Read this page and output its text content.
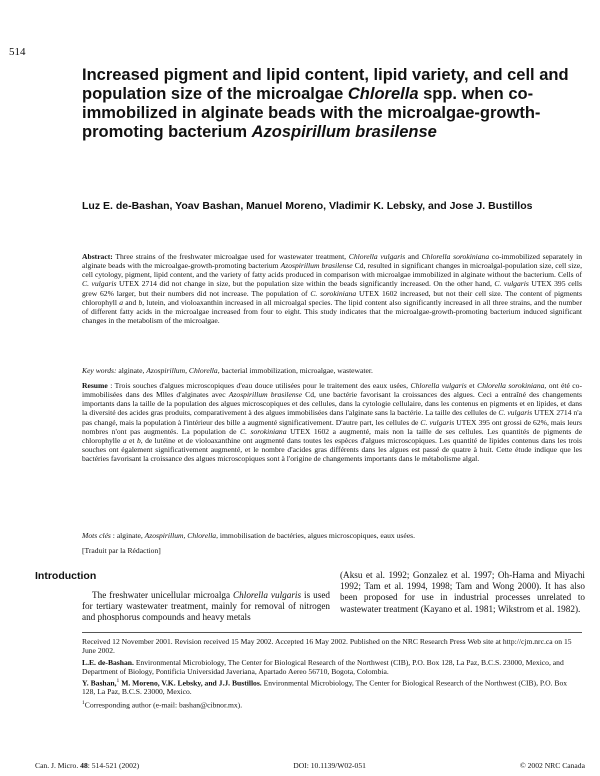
514
Increased pigment and lipid content, lipid variety, and cell and population size of the microalgae Chlorella spp. when co-immobilized in alginate beads with the microalgae-growth-promoting bacterium Azospirillum brasilense
Luz E. de-Bashan, Yoav Bashan, Manuel Moreno, Vladimir K. Lebsky, and Jose J. Bustillos

Abstract: Three strains of the freshwater microalgae used for wastewater treatment, Chlorella vulgaris and Chlorella sorokiniana co-immobilized separately in alginate beads with the microalgae-growth-promoting bacterium Azospirillum brasilense Cd, resulted in significant changes in microalgal-population size, cell size, cell cytology, pigment, lipid content, and the variety of fatty acids produced in comparison with microalgae immobilized in alginate without the bacterium. Cells of C. vulgaris UTEX 2714 did not change in size, but the population size within the beads significantly increased. On the other hand, C. vulgaris UTEX 395 cells grew 62% larger, but their numbers did not increase. The population of C. sorokiniana UTEX 1602 increased, but not their cell size. The content of pigments chlorophyll a and b, lutein, and violoaxanthin increased in all microalgal species. The lipid content also significantly increased in all three strains, and the number of different fatty acids in the microalgae increased from four to eight. This study indicates that the microalgae-growth-promoting bacterium induced significant changes in the metabolism of the microalgae.

Key words: alginate, Azospirillum, Chlorella, bacterial immobilization, microalgae, wastewater.

Resume : Trois souches d'algues microscopiques d'eau douce utilisées pour le traitement des eaux usées, Chlorella vulgaris et Chlorella sorokiniana, ont été co-immobilisées dans des Mlles d'alginates avec Azospirillum brasilense Cd, une bactérie favorisant la croissances des algues. Ceci a entraîné des changements importants dans la taille de la population des algues microscopiques et des cellules, dans la cytologie cellulaire, dans les contenus en pigments et en lipides, et dans la diversité des acides gras produits, comparativement à des algues immobilisées dans l'alginate sans la bactérie. La taille des cellules de C. vulgaris UTEX 2714 n'a pas changé, mais la population à l'intérieur des bille a augmenté significativement. D'autre part, les cellules de C. vulgaris UTEX 395 ont grossi de 62%, mais leurs nombres n'ont pas augmentés. La population de C. sorokiniana UTEX 1602 a augmenté, mais non la taille de ses cellules. Les quantités de pigments de chlorophylle a et b, de lutéine et de violoaxanthine ont augmenté dans toutes les espèces d'algues microscopiques. Les quantité de lipides contenus dans les trois souches ont également significativement augmenté, et le nombre d'acides gras différents dans les algues est passé de quatre à huit. Cette étude indique que les bactéries favorisant la croissance des algues microscopiques sont à l'origine de changements importants dans le métabolisme algal.

Mots clés : alginate, Azospirillum, Chlorella, immobilisation de bactéries, algues microscopiques, eaux usées.

[Traduit par la Rédaction]
Introduction

The freshwater unicellular microalga Chlorella vulgaris is used for tertiary wastewater treatment, mainly for removal of nitrogen and phosphorus compounds and heavy metals

(Aksu et al. 1992; Gonzalez et al. 1997; Oh-Hama and Miyachi 1992; Tam et al. 1994, 1998; Tam and Wong 2000). It has also been proposed for use in industrial processes unrelated to wastewater treatment (Kayano et al. 1981; Wikstrom et al. 1982).

Received 12 November 2001. Revision received 15 May 2002. Accepted 16 May 2002. Published on the NRC Research Press Web site at http://cjm.nrc.ca on 15 June 2002.

L.E. de-Bashan. Environmental Microbiology, The Center for Biological Research of the Northwest (CIB), P.O. Box 128, La Paz, B.C.S. 23000, Mexico, and Department of Biology, Pontificia Universidad Javeriana, Apartado Aereo 56710, Bogota, Colombia.
Y. Bashan,$^1$ M. Moreno, V.K. Lebsky, and J.J. Bustillos. Environmental Microbiology, The Center for Biological Research of the Northwest (CIB), P.O. Box 128, La Paz, B.C.S. 23000, Mexico.

$^1$Corresponding author (e-mail: bashan@cibnor.mx).

Can. J. Micro. 48: 514-521 (2002)	DOI: 10.1139/W02-051	© 2002 NRC Canada
